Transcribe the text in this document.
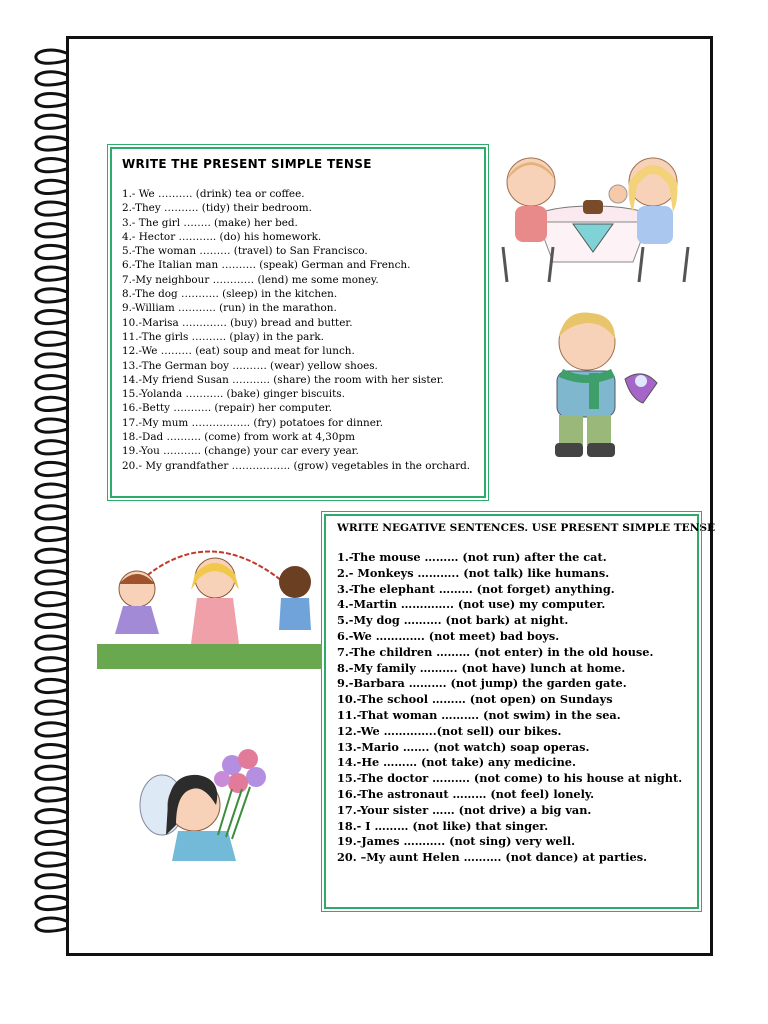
WRITE THE PRESENT SIMPLE TENSE
1.- We ………. (drink) tea or coffee.
2.-They ………. (tidy) their bedroom.
3.- The girl …….. (make) her bed.
4.- Hector ……….. (do) his homework.
5.-The woman ……… (travel) to San Francisco.
6.-The Italian man ………. (speak) German and French.
7.-My neighbour ………… (lend) me some money.
8.-The dog ……….. (sleep) in the kitchen.
9.-William ……….. (run) in the marathon.
10.-Marisa …………. (buy) bread and butter.
11.-The girls ………. (play) in the park.
12.-We ……… (eat) soup and meat for lunch.
13.-The German boy ………. (wear) yellow shoes.
14.-My friend Susan ……….. (share) the room with her sister.
15.-Yolanda ……….. (bake) ginger biscuits.
16.-Betty ……….. (repair) her computer.
17.-My mum …………….. (fry) potatoes for dinner.
18.-Dad ………. (come) from work at 4,30pm
19.-You ……….. (change) your car every year.
20.- My grandfather …………….. (grow) vegetables in the orchard.
WRITE NEGATIVE SENTENCES. USE PRESENT SIMPLE TENSE
1.-The mouse ……… (not run) after the cat.
2.- Monkeys ……….. (not talk) like humans.
3.-The elephant ……… (not forget) anything.
4.-Martin ………….. (not use) my computer.
5.-My dog ………. (not bark) at night.
6.-We …………. (not meet) bad boys.
7.-The children ……… (not enter) in the old house.
8.-My family ………. (not have) lunch at home.
9.-Barbara ………. (not jump) the garden gate.
10.-The school ……… (not open) on Sundays
11.-That woman ………. (not swim) in the sea.
12.-We …………..(not sell) our bikes.
13.-Mario ……. (not watch) soap operas.
14.-He ……… (not take) any medicine.
15.-The doctor ………. (not come) to his house at night.
16.-The astronaut ……… (not feel) lonely.
17.-Your sister …… (not drive) a big van.
18.- I ……… (not like) that singer.
19.-James ……….. (not sing) very well.
20. –My aunt Helen ………. (not dance) at parties.
